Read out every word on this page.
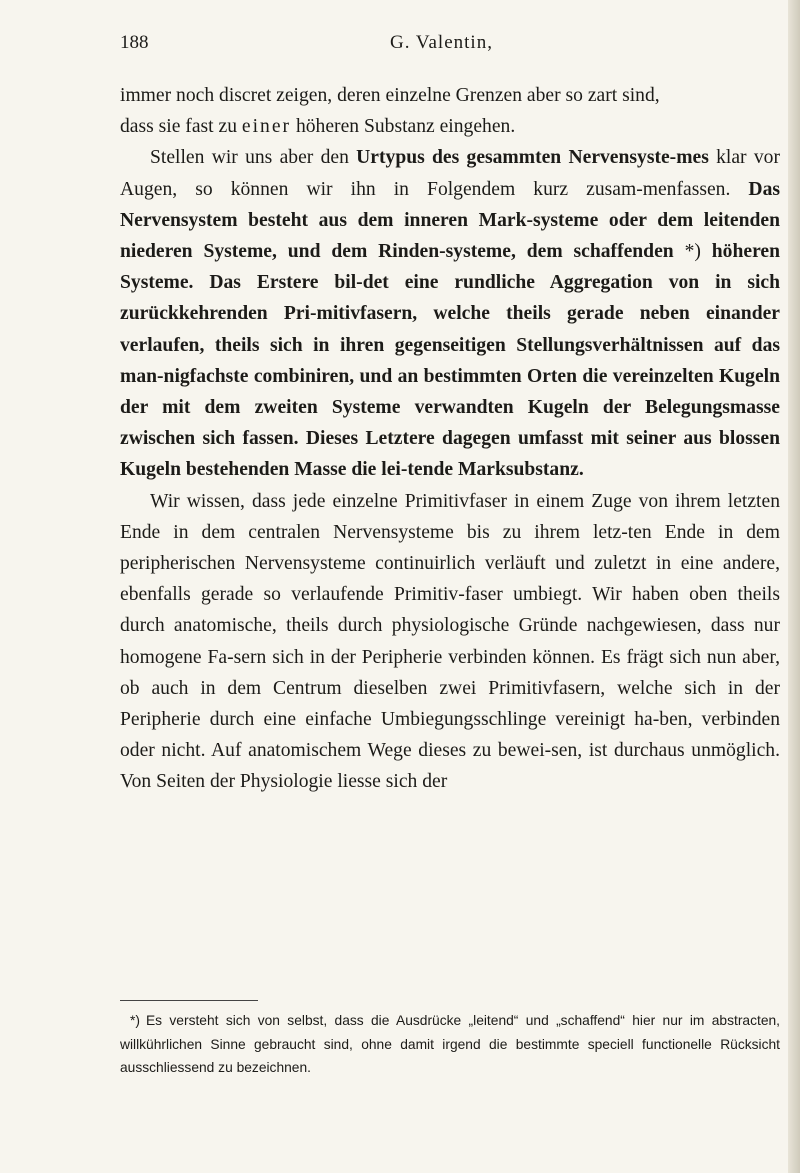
188	G. Valentin,

immer noch discret zeigen, deren einzelne Grenzen aber so zart sind,
dass sie fast zu einer höheren Substanz eingehen.

Stellen wir uns aber den Urtypus des gesammten Nervensyste-mes klar vor Augen, so können wir ihn in Folgendem kurz zusam-menfassen. Das Nervensystem besteht aus dem inneren Mark-systeme oder dem leitenden niederen Systeme, und dem Rinden-systeme, dem schaffenden *) höheren Systeme. Das Erstere bil-det eine rundliche Aggregation von in sich zurückkehrenden Pri-mitivfasern, welche theils gerade neben einander verlaufen, theils sich in ihren gegenseitigen Stellungsverhältnissen auf das man-nigfachste combiniren, und an bestimmten Orten die vereinzelten Kugeln der mit dem zweiten Systeme verwandten Kugeln der Belegungsmasse zwischen sich fassen. Dieses Letztere dagegen umfasst mit seiner aus blossen Kugeln bestehenden Masse die lei-tende Marksubstanz.

Wir wissen, dass jede einzelne Primitivfaser in einem Zuge von ihrem letzten Ende in dem centralen Nervensysteme bis zu ihrem letz-ten Ende in dem peripherischen Nervensysteme continuirlich verläuft und zuletzt in eine andere, ebenfalls gerade so verlaufende Primitiv-faser umbiegt. Wir haben oben theils durch anatomische, theils durch physiologische Gründe nachgewiesen, dass nur homogene Fa-sern sich in der Peripherie verbinden können. Es frägt sich nun aber, ob auch in dem Centrum dieselben zwei Primitivfasern, welche sich in der Peripherie durch eine einfache Umbiegungsschlinge vereinigt ha-ben, verbinden oder nicht. Auf anatomischem Wege dieses zu bewei-sen, ist durchaus unmöglich. Von Seiten der Physiologie liesse sich der

*) Es versteht sich von selbst, dass die Ausdrücke „leitend“ und „schaffend“ hier nur im abstracten, willkührlichen Sinne gebraucht sind, ohne damit irgend die bestimmte speciell functionelle Rücksicht ausschliessend zu bezeichnen.
